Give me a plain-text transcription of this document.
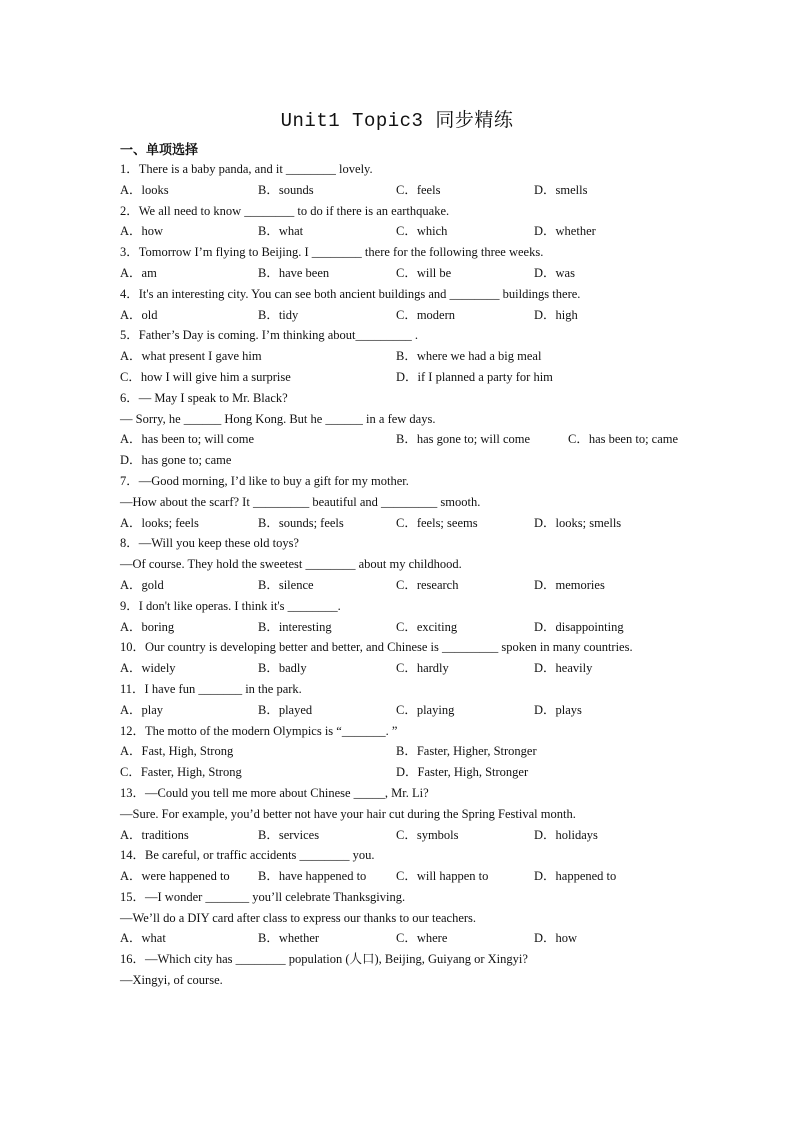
Unit1 Topic3 同步精练
一、单项选择
1．There is a baby panda, and it ________ lovely.
A．looks	B．sounds	C．feels	D．smells
2．We all need to know ________ to do if there is an earthquake.
A．how	B．what	C．which	D．whether
3．Tomorrow I’m flying to Beijing. I ________ there for the following three weeks.
A．am	B．have been	C．will be	D．was
4．It's an interesting city. You can see both ancient buildings and ________ buildings there.
A．old	B．tidy	C．modern	D．high
5．Father’s Day is coming. I’m thinking about_________ .
A．what present I gave him	B．where we had a big meal
C．how I will give him a surprise	D．if I planned a party for him
6．— May I speak to Mr. Black?
— Sorry, he ______ Hong Kong. But he ______ in a few days.
A．has been to; will come	B．has gone to; will come	C．has been to; came
D．has gone to; came
7．—Good morning, I’d like to buy a gift for my mother.
—How about the scarf? It _________ beautiful and _________ smooth.
A．looks; feels	B．sounds; feels	C．feels; seems	D．looks; smells
8．—Will you keep these old toys?
—Of course. They hold the sweetest ________ about my childhood.
A．gold	B．silence	C．research	D．memories
9．I don't like operas. I think it's ________.
A．boring	B．interesting	C．exciting	D．disappointing
10．Our country is developing better and better, and Chinese is _________ spoken in many countries.
A．widely	B．badly	C．hardly	D．heavily
11．I have fun _______ in the park.
A．play	B．played	C．playing	D．plays
12．The motto of the modern Olympics is “_______. ”
A．Fast, High, Strong	B．Faster, Higher, Stronger
C．Faster, High, Strong	D．Faster, High, Stronger
13．—Could you tell me more about Chinese _____, Mr. Li?
—Sure. For example, you’d better not have your hair cut during the Spring Festival month.
A．traditions	B．services	C．symbols	D．holidays
14．Be careful, or traffic accidents ________ you.
A．were happened to	B．have happened to	C．will happen to	D．happened to
15．—I wonder _______ you’ll celebrate Thanksgiving.
—We’ll do a DIY card after class to express our thanks to our teachers.
A．what	B．whether	C．where	D．how
16．—Which city has ________ population (人口), Beijing, Guiyang or Xingyi?
—Xingyi, of course.
